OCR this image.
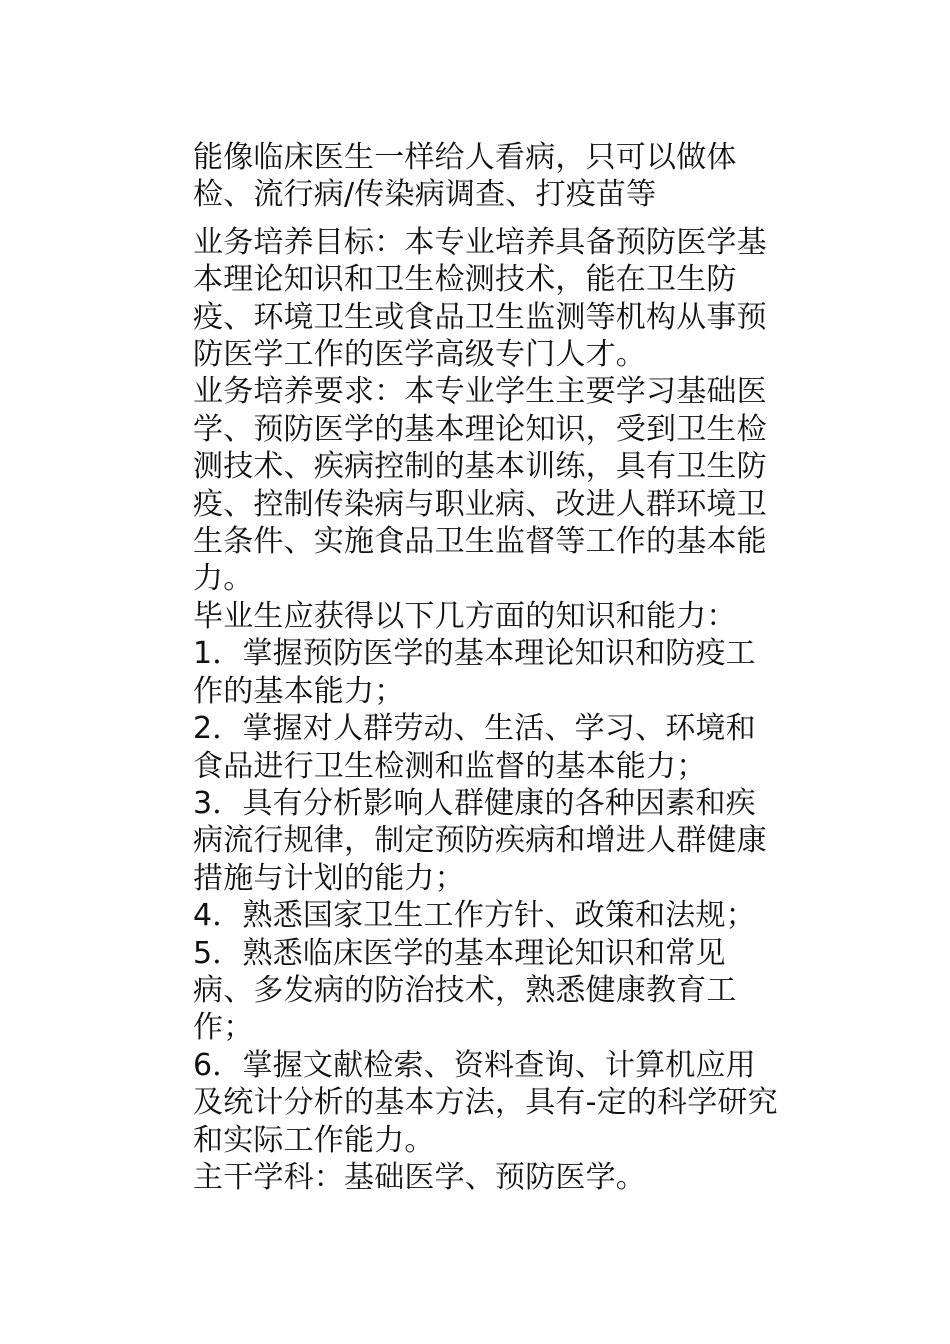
能像临床医生一样给人看病，只可以做体
检、流行病/传染病调查、打疫苗等

业务培养目标：本专业培养具备预防医学基
本理论知识和卫生检测技术，能在卫生防
疫、环境卫生或食品卫生监测等机构从事预
防医学工作的医学高级专门人才。

业务培养要求：本专业学生主要学习基础医
学、预防医学的基本理论知识，受到卫生检
测技术、疾病控制的基本训练，具有卫生防
疫、控制传染病与职业病、改进人群环境卫
生条件、实施食品卫生监督等工作的基本能
力。

毕业生应获得以下几方面的知识和能力：

1．掌握预防医学的基本理论知识和防疫工
作的基本能力；

2．掌握对人群劳动、生活、学习、环境和
食品进行卫生检测和监督的基本能力；

3．具有分析影响人群健康的各种因素和疾
病流行规律，制定预防疾病和增进人群健康
措施与计划的能力；

4．熟悉国家卫生工作方针、政策和法规；

5．熟悉临床医学的基本理论知识和常见
病、多发病的防治技术，熟悉健康教育工
作；

6．掌握文献检索、资料查询、计算机应用
及统计分析的基本方法，具有-定的科学研究
和实际工作能力。

主干学科：基础医学、预防医学。
